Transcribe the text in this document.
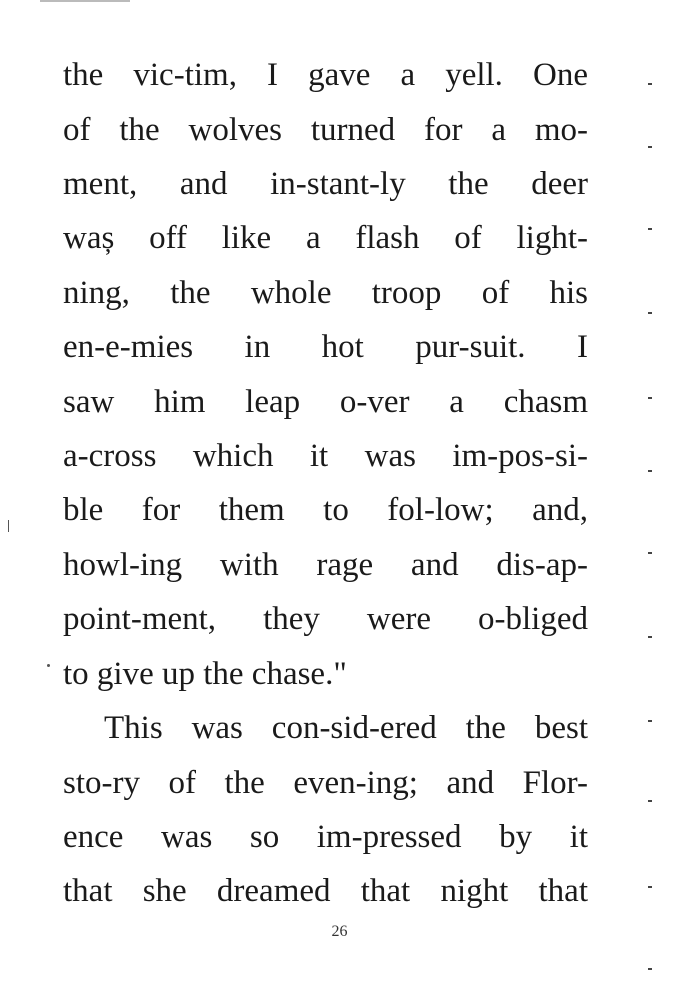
the vic-tim, I gave a yell. One
of the wolves turned for a mo-
ment, and in-stant-ly the deer
waș off like a flash of light-
ning, the whole troop of his
en-e-mies in hot pur-suit. I
saw him leap o-ver a chasm
a-cross which it was im-pos-si-
ble for them to fol-low; and,
howl-ing with rage and dis-ap-
point-ment, they were o-bliged
to give up the chase."
This was con-sid-ered the best
sto-ry of the even-ing; and Flor-
ence was so im-pressed by it
that she dreamed that night that
26
